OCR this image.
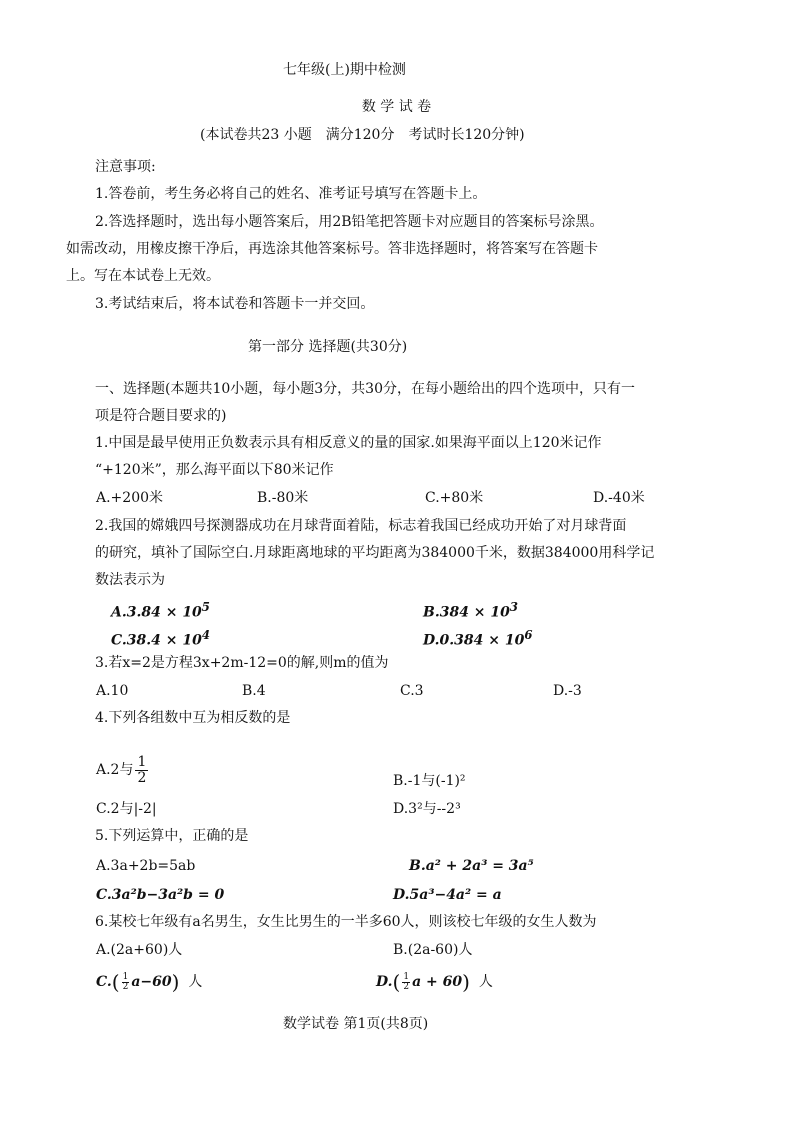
七年级(上)期中检测
数 学 试 卷
(本试卷共23 小题　满分120分　考试时长120分钟)
注意事项:
1.答卷前，考生务必将自己的姓名、准考证号填写在答题卡上。
2.答选择题时，选出每小题答案后，用2B铅笔把答题卡对应题目的答案标号涂黑。
如需改动，用橡皮擦干净后，再选涂其他答案标号。答非选择题时，将答案写在答题卡
上。写在本试卷上无效。
3.考试结束后，将本试卷和答题卡一并交回。
第一部分 选择题(共30分)
一、选择题(本题共10小题，每小题3分，共30分，在每小题给出的四个选项中，只有一
项是符合题目要求的)
1.中国是最早使用正负数表示具有相反意义的量的国家.如果海平面以上120米记作
“+120米”，那么海平面以下80米记作
A.+200米	B.-80米	C.+80米	D.-40米
2.我国的嫦娥四号探测器成功在月球背面着陆，标志着我国已经成功开始了对月球背面
的研究，填补了国际空白.月球距离地球的平均距离为384000千米，数据384000用科学记
数法表示为
$A.3.84 \times 10^5$	$B.384 \times 10^3$
$C.38.4 \times 10^4$	$D.0.384 \times 10^6$
3.若x=2是方程3x+2m-12=0的解,则m的值为
A.10	B.4	C.3	D.-3
4.下列各组数中互为相反数的是
A.2与 $\frac{1}{2}$	B.-1与(-1)²
C.2与|-2|	D.3²与--2³
5.下列运算中，正确的是
A.3a+2b=5ab	B.a² + 2a³ = 3a⁵
C.3a²b−3a²b = 0	D.5a³−4a² = a
6.某校七年级有a名男生，女生比男生的一半多60人，则该校七年级的女生人数为
A.(2a+60)人	B.(2a-60)人
$C.( \frac{1}{2} a-60)$ 人	$D.( \frac{1}{2}$ a + 60) 人
数学试卷 第1页(共8页)
